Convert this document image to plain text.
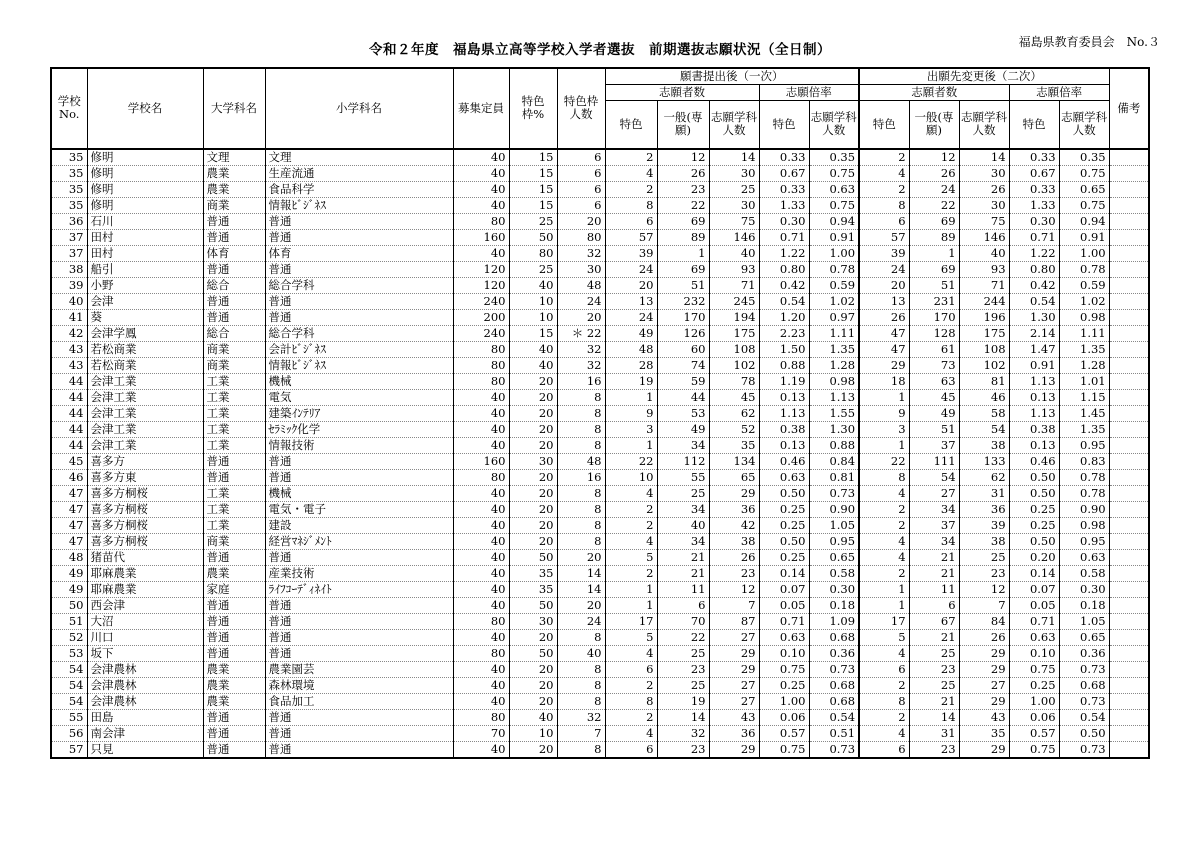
令和２年度　福島県立高等学校入学者選抜　前期選抜志願状況（全日制）	福島県教育委員会　No.３
学校No.	学校名	大学科名	小学科名	募集定員	特色枠%	特色枠人数	願書提出後（一次）					出願先変更後（二次）					備考
							志願者数			志願倍率		志願者数			志願倍率		
							特色	一般(専願)	志願学科人数	特色	志願学科人数	特色	一般(専願)	志願学科人数	特色	志願学科人数	
35	修明	文理	文理	40	15	6	2	12	14	0.33	0.35	2	12	14	0.33	0.35	
35	修明	農業	生産流通	40	15	6	4	26	30	0.67	0.75	4	26	30	0.67	0.75	
35	修明	農業	食品科学	40	15	6	2	23	25	0.33	0.63	2	24	26	0.33	0.65	
35	修明	商業	情報ﾋﾞｼﾞﾈｽ	40	15	6	8	22	30	1.33	0.75	8	22	30	1.33	0.75	
36	石川	普通	普通	80	25	20	6	69	75	0.30	0.94	6	69	75	0.30	0.94	
37	田村	普通	普通	160	50	80	57	89	146	0.71	0.91	57	89	146	0.71	0.91	
37	田村	体育	体育	40	80	32	39	1	40	1.22	1.00	39	1	40	1.22	1.00	
38	船引	普通	普通	120	25	30	24	69	93	0.80	0.78	24	69	93	0.80	0.78	
39	小野	総合	総合学科	120	40	48	20	51	71	0.42	0.59	20	51	71	0.42	0.59	
40	会津	普通	普通	240	10	24	13	232	245	0.54	1.02	13	231	244	0.54	1.02	
41	葵	普通	普通	200	10	20	24	170	194	1.20	0.97	26	170	196	1.30	0.98	
42	会津学鳳	総合	総合学科	240	15	＊ 22	49	126	175	2.23	1.11	47	128	175	2.14	1.11	
43	若松商業	商業	会計ﾋﾞｼﾞﾈｽ	80	40	32	48	60	108	1.50	1.35	47	61	108	1.47	1.35	
43	若松商業	商業	情報ﾋﾞｼﾞﾈｽ	80	40	32	28	74	102	0.88	1.28	29	73	102	0.91	1.28	
44	会津工業	工業	機械	80	20	16	19	59	78	1.19	0.98	18	63	81	1.13	1.01	
44	会津工業	工業	電気	40	20	8	1	44	45	0.13	1.13	1	45	46	0.13	1.15	
44	会津工業	工業	建築ｲﾝﾃﾘｱ	40	20	8	9	53	62	1.13	1.55	9	49	58	1.13	1.45	
44	会津工業	工業	ｾﾗﾐｯｸ化学	40	20	8	3	49	52	0.38	1.30	3	51	54	0.38	1.35	
44	会津工業	工業	情報技術	40	20	8	1	34	35	0.13	0.88	1	37	38	0.13	0.95	
45	喜多方	普通	普通	160	30	48	22	112	134	0.46	0.84	22	111	133	0.46	0.83	
46	喜多方東	普通	普通	80	20	16	10	55	65	0.63	0.81	8	54	62	0.50	0.78	
47	喜多方桐桜	工業	機械	40	20	8	4	25	29	0.50	0.73	4	27	31	0.50	0.78	
47	喜多方桐桜	工業	電気・電子	40	20	8	2	34	36	0.25	0.90	2	34	36	0.25	0.90	
47	喜多方桐桜	工業	建設	40	20	8	2	40	42	0.25	1.05	2	37	39	0.25	0.98	
47	喜多方桐桜	商業	経営ﾏﾈｼﾞﾒﾝﾄ	40	20	8	4	34	38	0.50	0.95	4	34	38	0.50	0.95	
48	猪苗代	普通	普通	40	50	20	5	21	26	0.25	0.65	4	21	25	0.20	0.63	
49	耶麻農業	農業	産業技術	40	35	14	2	21	23	0.14	0.58	2	21	23	0.14	0.58	
49	耶麻農業	家庭	ﾗｲﾌｺｰﾃﾞｨﾈｲﾄ	40	35	14	1	11	12	0.07	0.30	1	11	12	0.07	0.30	
50	西会津	普通	普通	40	50	20	1	6	7	0.05	0.18	1	6	7	0.05	0.18	
51	大沼	普通	普通	80	30	24	17	70	87	0.71	1.09	17	67	84	0.71	1.05	
52	川口	普通	普通	40	20	8	5	22	27	0.63	0.68	5	21	26	0.63	0.65	
53	坂下	普通	普通	80	50	40	4	25	29	0.10	0.36	4	25	29	0.10	0.36	
54	会津農林	農業	農業園芸	40	20	8	6	23	29	0.75	0.73	6	23	29	0.75	0.73	
54	会津農林	農業	森林環境	40	20	8	2	25	27	0.25	0.68	2	25	27	0.25	0.68	
54	会津農林	農業	食品加工	40	20	8	8	19	27	1.00	0.68	8	21	29	1.00	0.73	
55	田島	普通	普通	80	40	32	2	14	43	0.06	0.54	2	14	43	0.06	0.54	
56	南会津	普通	普通	70	10	7	4	32	36	0.57	0.51	4	31	35	0.57	0.50	
57	只見	普通	普通	40	20	8	6	23	29	0.75	0.73	6	23	29	0.75	0.73	
